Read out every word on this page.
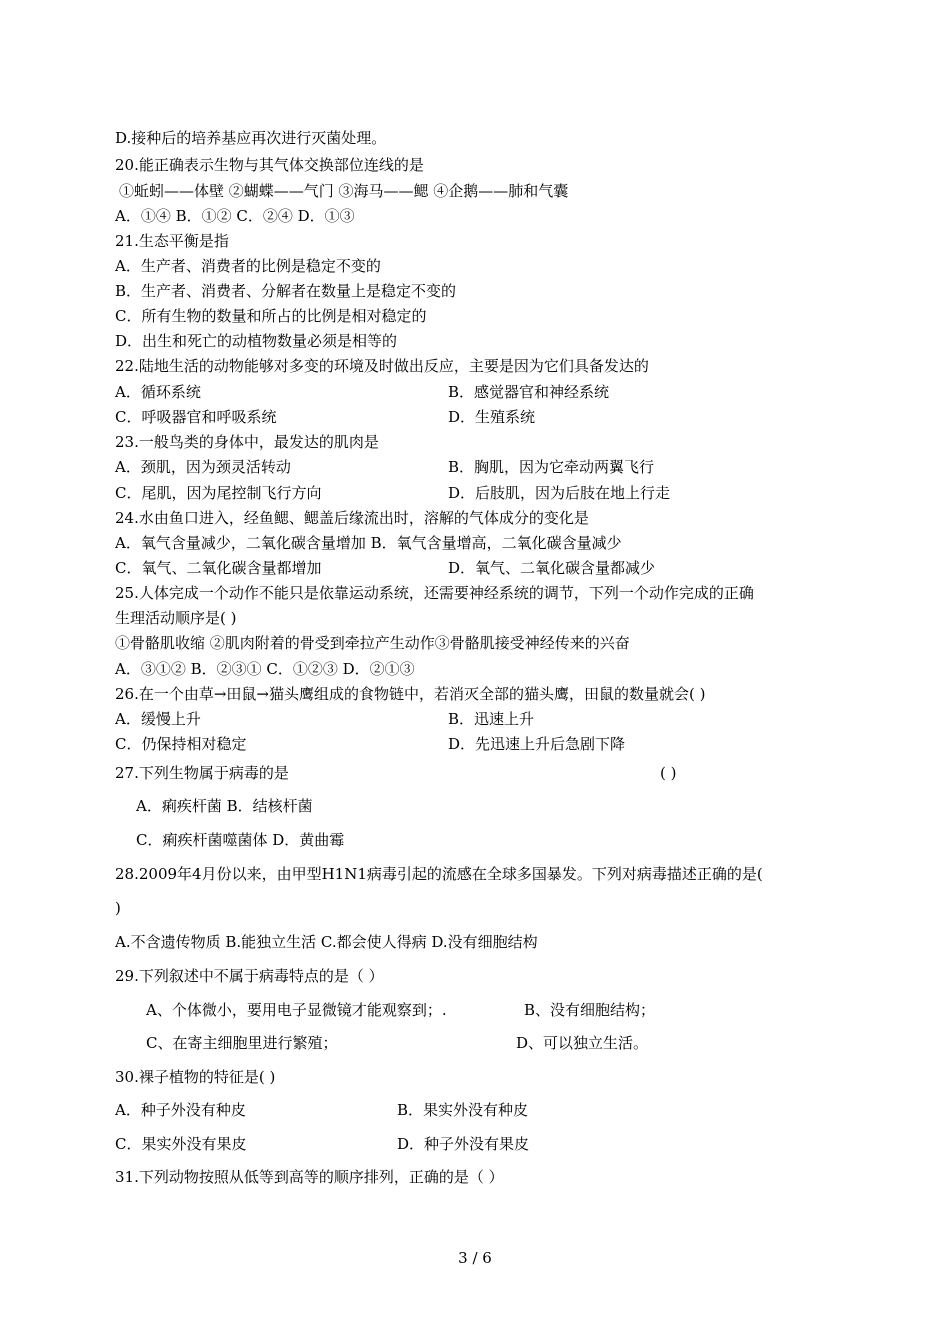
D.接种后的培养基应再次进行灭菌处理。
20.能正确表示生物与其气体交换部位连线的是
①蚯蚓——体壁 ②蝴蝶——气门 ③海马——鳃 ④企鹅——肺和气囊
A．①④ B．①② C．②④ D．①③
21.生态平衡是指
A．生产者、消费者的比例是稳定不变的
B．生产者、消费者、分解者在数量上是稳定不变的
C．所有生物的数量和所占的比例是相对稳定的
D．出生和死亡的动植物数量必须是相等的
22.陆地生活的动物能够对多变的环境及时做出反应，主要是因为它们具备发达的
A．循环系统	B．感觉器官和神经系统
C．呼吸器官和呼吸系统	D．生殖系统
23.一般鸟类的身体中，最发达的肌肉是
A．颈肌，因为颈灵活转动	B．胸肌，因为它牵动两翼飞行
C．尾肌，因为尾控制飞行方向	D．后肢肌，因为后肢在地上行走
24.水由鱼口进入，经鱼鳃、鳃盖后缘流出时，溶解的气体成分的变化是
A．氧气含量减少，二氧化碳含量增加 B．氧气含量增高，二氧化碳含量减少
C．氧气、二氧化碳含量都增加	D．氧气、二氧化碳含量都减少
25.人体完成一个动作不能只是依靠运动系统，还需要神经系统的调节，下列一个动作完成的正确
生理活动顺序是( )
①骨骼肌收缩 ②肌肉附着的骨受到牵拉产生动作③骨骼肌接受神经传来的兴奋
A．③①② B．②③① C．①②③ D．②①③
26.在一个由草→田鼠→猫头鹰组成的食物链中，若消灭全部的猫头鹰，田鼠的数量就会( )
A．缓慢上升	B．迅速上升
C．仍保持相对稳定	D．先迅速上升后急剧下降
27.下列生物属于病毒的是	( )
A．痢疾杆菌 B．结核杆菌
C．痢疾杆菌噬菌体 D．黄曲霉
28.2009年4月份以来，由甲型H1N1病毒引起的流感在全球多国暴发。下列对病毒描述正确的是(
)
A.不含遗传物质 B.能独立生活 C.都会使人得病 D.没有细胞结构
29.下列叙述中不属于病毒特点的是（ ）
A、个体微小，要用电子显微镜才能观察到；.	B、没有细胞结构；
C、在寄主细胞里进行繁殖；	D、可以独立生活。
30.裸子植物的特征是( )
A．种子外没有种皮	B．果实外没有种皮
C．果实外没有果皮	D．种子外没有果皮
31.下列动物按照从低等到高等的顺序排列，正确的是（ ）
3 / 6
